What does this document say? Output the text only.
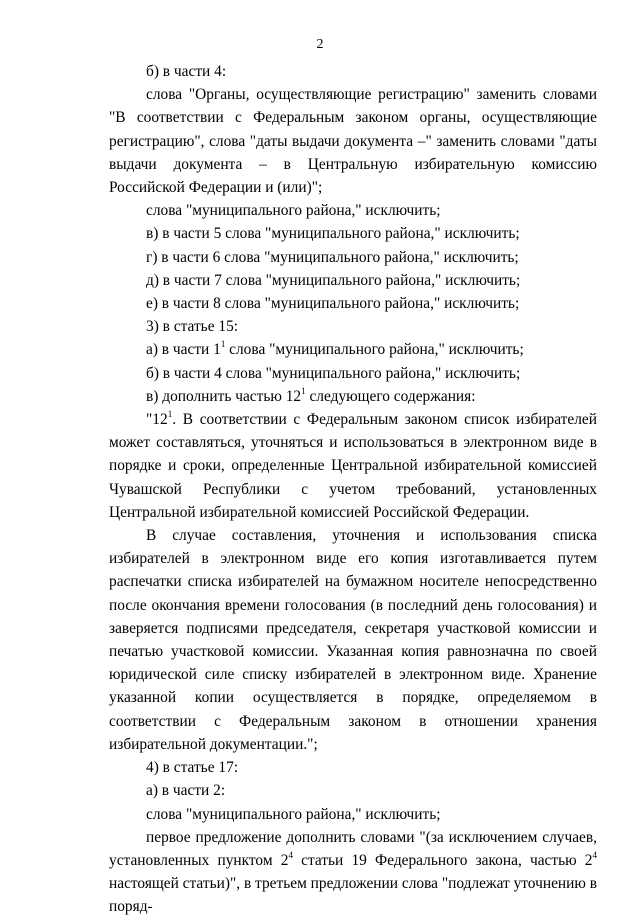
2

б) в части 4:

слова "Органы, осуществляющие регистрацию" заменить словами "В соответствии с Федеральным законом органы, осуществляющие регистрацию", слова "даты выдачи документа –" заменить словами "даты выдачи документа – в Центральную избирательную комиссию Российской Федерации и (или)";

слова "муниципального района," исключить;

в) в части 5 слова "муниципального района," исключить;

г) в части 6 слова "муниципального района," исключить;

д) в части 7 слова "муниципального района," исключить;

е) в части 8 слова "муниципального района," исключить;

3) в статье 15:

а) в части $1^1$ слова "муниципального района," исключить;

б) в части 4 слова "муниципального района," исключить;

в) дополнить частью $12^1$ следующего содержания:

"$12^1$. В соответствии с Федеральным законом список избирателей может составляться, уточняться и использоваться в электронном виде в порядке и сроки, определенные Центральной избирательной комиссией Чувашской Республики с учетом требований, установленных Центральной избирательной комиссией Российской Федерации.

В случае составления, уточнения и использования списка избирателей в электронном виде его копия изготавливается путем распечатки списка избирателей на бумажном носителе непосредственно после окончания времени голосования (в последний день голосования) и заверяется подписями председателя, секретаря участковой комиссии и печатью участковой комиссии. Указанная копия равнозначна по своей юридической силе списку избирателей в электронном виде. Хранение указанной копии осуществляется в порядке, определяемом в соответствии с Федеральным законом в отношении хранения избирательной документации.";

4) в статье 17:

а) в части 2:

слова "муниципального района," исключить;

первое предложение дополнить словами "(за исключением случаев, установленных пунктом $2^4$ статьи 19 Федерального закона, частью $2^4$ настоящей статьи)", в третьем предложении слова "подлежат уточнению в поряд-
